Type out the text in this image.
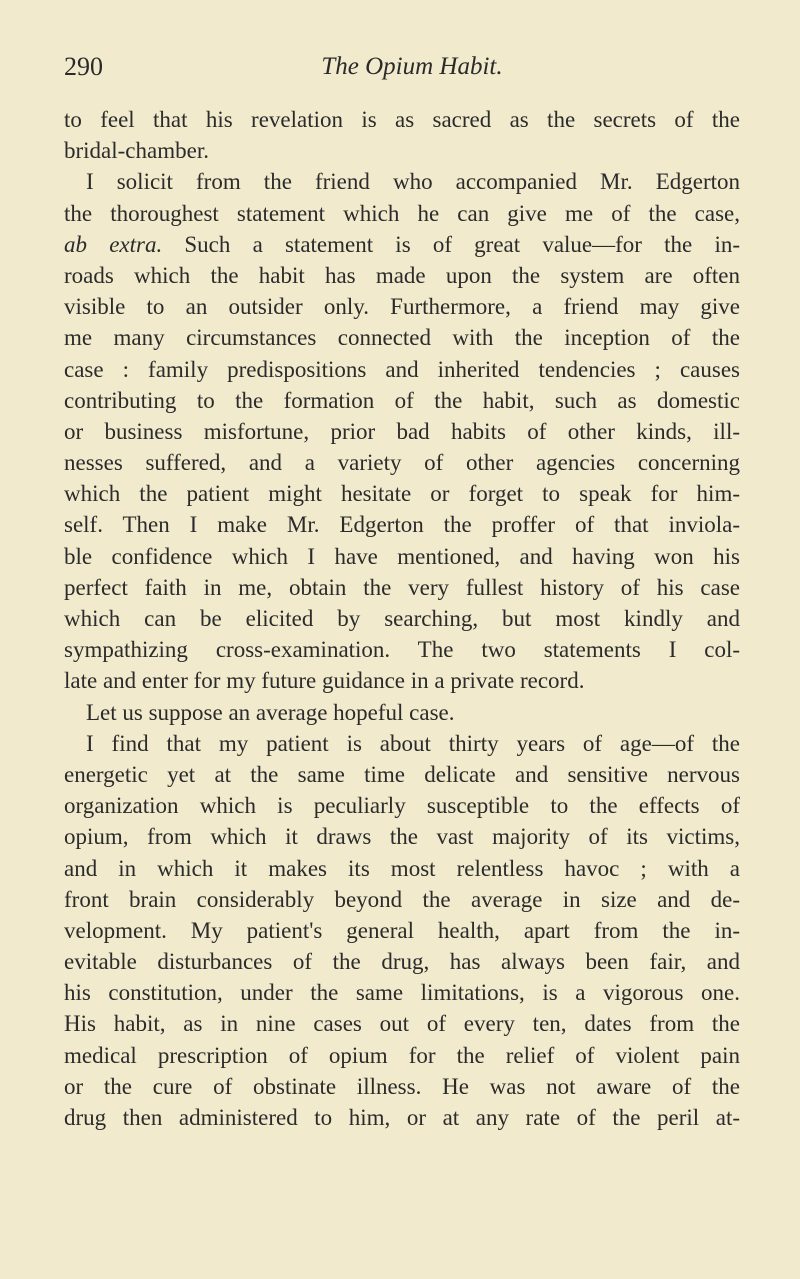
290	The Opium Habit.
to feel that his revelation is as sacred as the secrets of the
bridal-chamber.
I solicit from the friend who accompanied Mr. Edgerton
the thoroughest statement which he can give me of the case,
ab extra. Such a statement is of great value—for the in-
roads which the habit has made upon the system are often
visible to an outsider only. Furthermore, a friend may give
me many circumstances connected with the inception of the
case : family predispositions and inherited tendencies ; causes
contributing to the formation of the habit, such as domestic
or business misfortune, prior bad habits of other kinds, ill-
nesses suffered, and a variety of other agencies concerning
which the patient might hesitate or forget to speak for him-
self. Then I make Mr. Edgerton the proffer of that inviola-
ble confidence which I have mentioned, and having won his
perfect faith in me, obtain the very fullest history of his case
which can be elicited by searching, but most kindly and
sympathizing cross-examination. The two statements I col-
late and enter for my future guidance in a private record.
Let us suppose an average hopeful case.
I find that my patient is about thirty years of age—of the
energetic yet at the same time delicate and sensitive nervous
organization which is peculiarly susceptible to the effects of
opium, from which it draws the vast majority of its victims,
and in which it makes its most relentless havoc ; with a
front brain considerably beyond the average in size and de-
velopment. My patient's general health, apart from the in-
evitable disturbances of the drug, has always been fair, and
his constitution, under the same limitations, is a vigorous one.
His habit, as in nine cases out of every ten, dates from the
medical prescription of opium for the relief of violent pain
or the cure of obstinate illness. He was not aware of the
drug then administered to him, or at any rate of the peril at-
